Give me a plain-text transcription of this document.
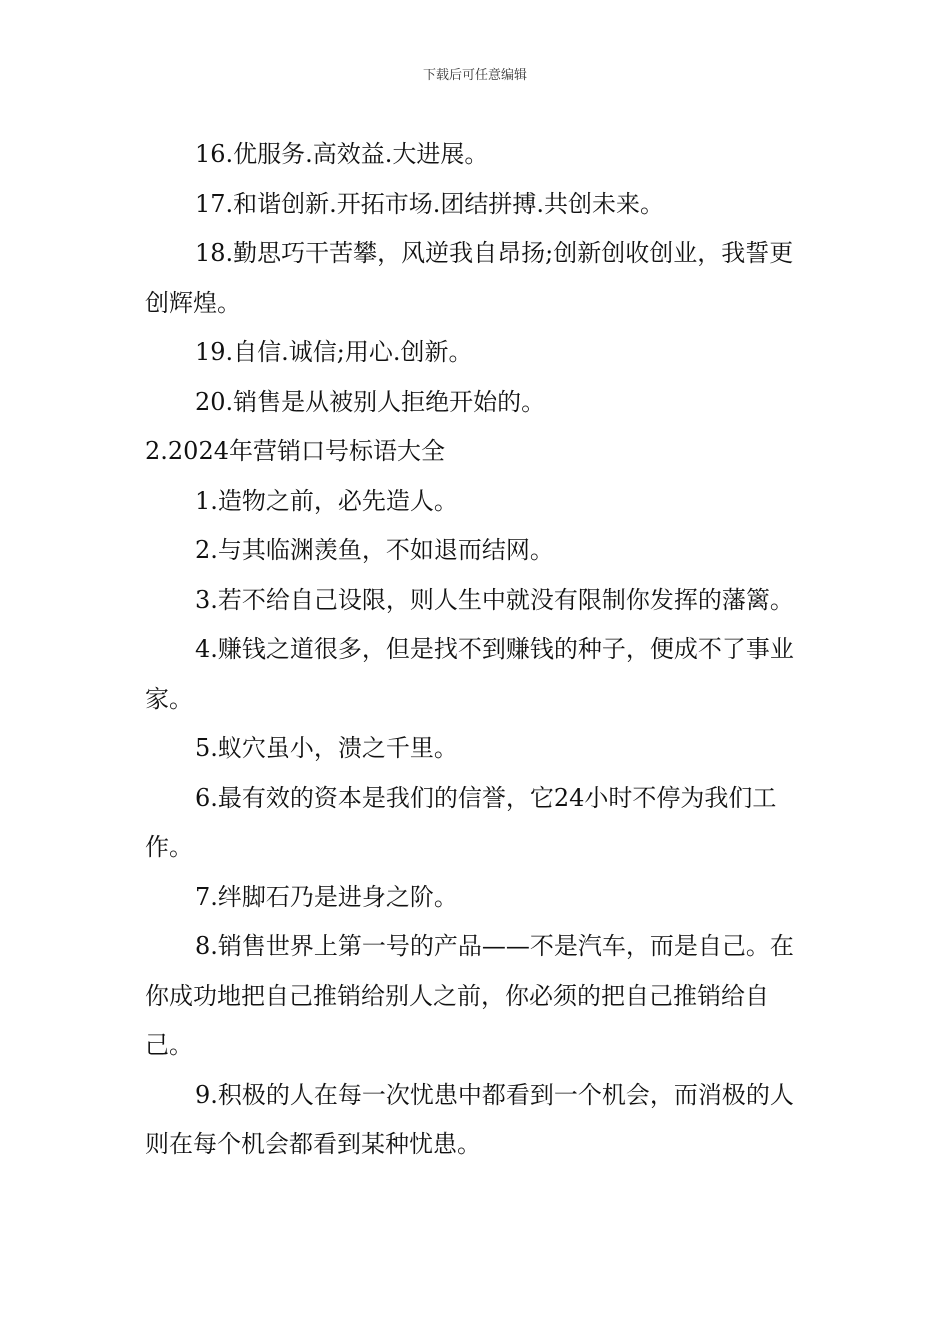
下载后可任意编辑

16.优服务.高效益.大进展。

17.和谐创新.开拓市场.团结拼搏.共创未来。

18.勤思巧干苦攀，风逆我自昂扬;创新创收创业，我誓更创辉煌。

19.自信.诚信;用心.创新。

20.销售是从被别人拒绝开始的。

2.2024年营销口号标语大全

1.造物之前，必先造人。

2.与其临渊羡鱼，不如退而结网。

3.若不给自己设限，则人生中就没有限制你发挥的藩篱。

4.赚钱之道很多，但是找不到赚钱的种子，便成不了事业家。

5.蚁穴虽小，溃之千里。

6.最有效的资本是我们的信誉，它24小时不停为我们工作。

7.绊脚石乃是进身之阶。

8.销售世界上第一号的产品——不是汽车，而是自己。在你成功地把自己推销给别人之前，你必须的把自己推销给自己。

9.积极的人在每一次忧患中都看到一个机会，而消极的人则在每个机会都看到某种忧患。
